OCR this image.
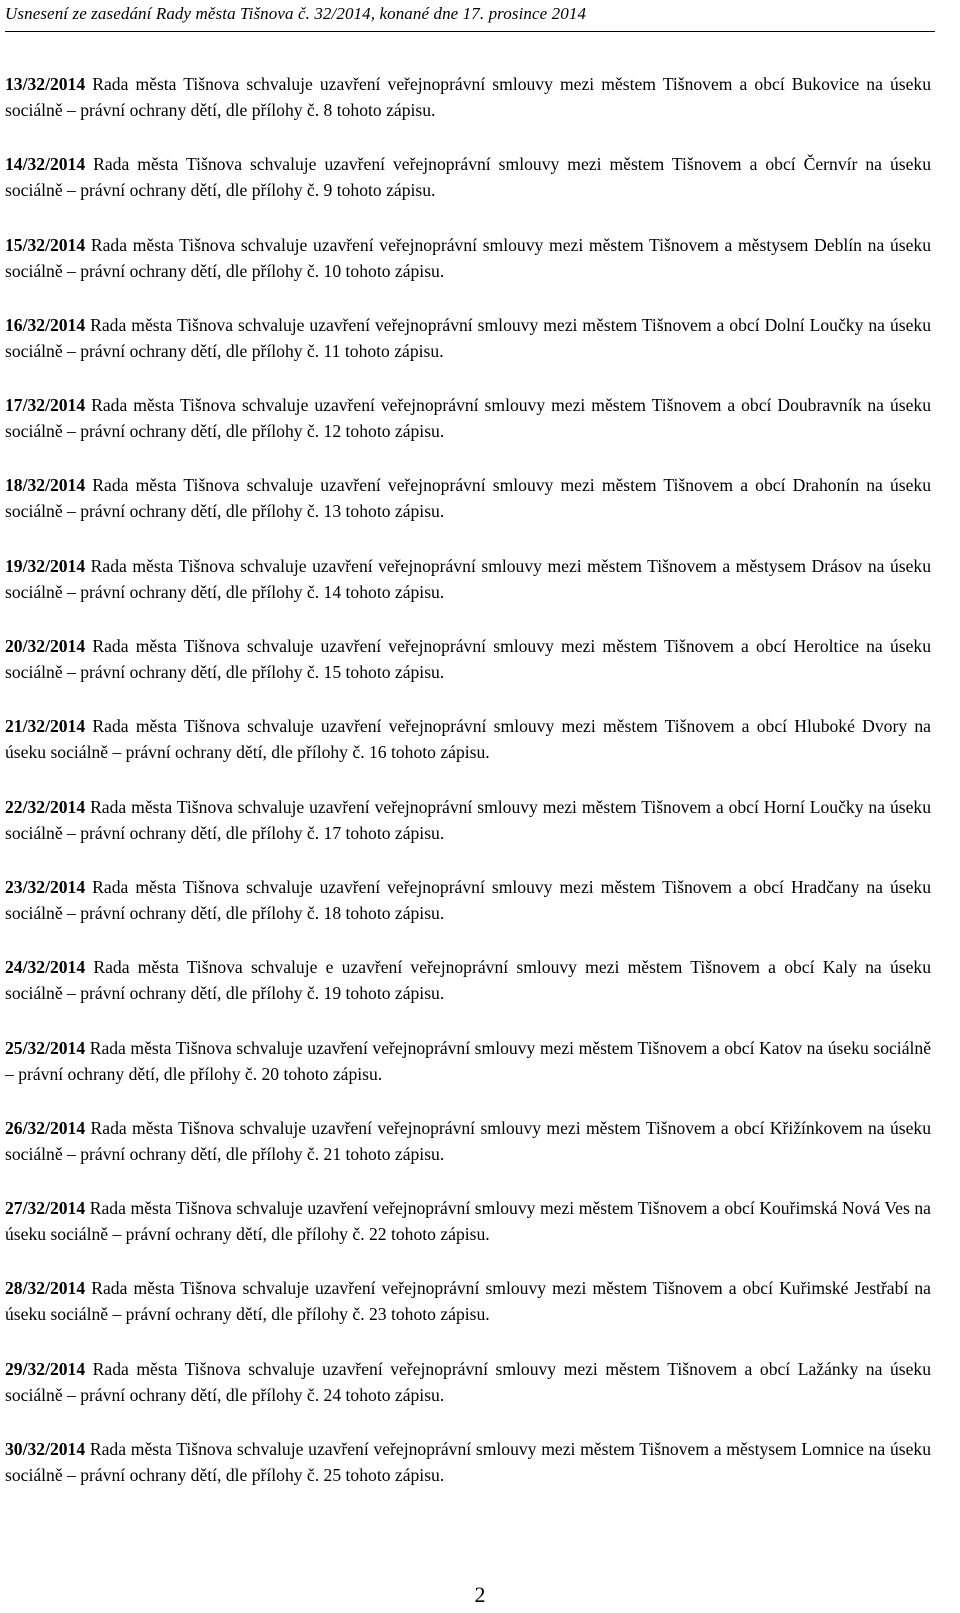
Usnesení ze zasedání Rady města Tišnova č. 32/2014, konané dne 17. prosince 2014
13/32/2014 Rada města Tišnova schvaluje uzavření veřejnoprávní smlouvy mezi městem Tišnovem a obcí Bukovice na úseku sociálně – právní ochrany dětí, dle přílohy č. 8 tohoto zápisu.
14/32/2014 Rada města Tišnova schvaluje uzavření veřejnoprávní smlouvy mezi městem Tišnovem a obcí Černvír na úseku sociálně – právní ochrany dětí, dle přílohy č. 9 tohoto zápisu.
15/32/2014 Rada města Tišnova schvaluje uzavření veřejnoprávní smlouvy mezi městem Tišnovem a městysem Deblín na úseku sociálně – právní ochrany dětí, dle přílohy č. 10 tohoto zápisu.
16/32/2014 Rada města Tišnova schvaluje uzavření veřejnoprávní smlouvy mezi městem Tišnovem a obcí Dolní Loučky na úseku sociálně – právní ochrany dětí, dle přílohy č. 11 tohoto zápisu.
17/32/2014 Rada města Tišnova schvaluje uzavření veřejnoprávní smlouvy mezi městem Tišnovem a obcí Doubravník na úseku sociálně – právní ochrany dětí, dle přílohy č. 12 tohoto zápisu.
18/32/2014 Rada města Tišnova schvaluje uzavření veřejnoprávní smlouvy mezi městem Tišnovem a obcí Drahonín na úseku sociálně – právní ochrany dětí, dle přílohy č. 13 tohoto zápisu.
19/32/2014 Rada města Tišnova schvaluje uzavření veřejnoprávní smlouvy mezi městem Tišnovem a městysem Drásov na úseku sociálně – právní ochrany dětí, dle přílohy č. 14 tohoto zápisu.
20/32/2014 Rada města Tišnova schvaluje uzavření veřejnoprávní smlouvy mezi městem Tišnovem a obcí Heroltice na úseku sociálně – právní ochrany dětí, dle přílohy č. 15 tohoto zápisu.
21/32/2014 Rada města Tišnova schvaluje uzavření veřejnoprávní smlouvy mezi městem Tišnovem a obcí Hluboké Dvory na úseku sociálně – právní ochrany dětí, dle přílohy č. 16 tohoto zápisu.
22/32/2014 Rada města Tišnova schvaluje uzavření veřejnoprávní smlouvy mezi městem Tišnovem a obcí Horní Loučky na úseku sociálně – právní ochrany dětí, dle přílohy č. 17 tohoto zápisu.
23/32/2014 Rada města Tišnova schvaluje uzavření veřejnoprávní smlouvy mezi městem Tišnovem a obcí Hradčany na úseku sociálně – právní ochrany dětí, dle přílohy č. 18 tohoto zápisu.
24/32/2014 Rada města Tišnova schvaluje e uzavření veřejnoprávní smlouvy mezi městem Tišnovem a obcí Kaly na úseku sociálně – právní ochrany dětí, dle přílohy č. 19 tohoto zápisu.
25/32/2014 Rada města Tišnova schvaluje uzavření veřejnoprávní smlouvy mezi městem Tišnovem a obcí Katov na úseku sociálně – právní ochrany dětí, dle přílohy č. 20 tohoto zápisu.
26/32/2014 Rada města Tišnova schvaluje uzavření veřejnoprávní smlouvy mezi městem Tišnovem a obcí Křižínkovem na úseku sociálně – právní ochrany dětí, dle přílohy č. 21 tohoto zápisu.
27/32/2014 Rada města Tišnova schvaluje uzavření veřejnoprávní smlouvy mezi městem Tišnovem a obcí Kouřimská Nová Ves na úseku sociálně – právní ochrany dětí, dle přílohy č. 22 tohoto zápisu.
28/32/2014 Rada města Tišnova schvaluje uzavření veřejnoprávní smlouvy mezi městem Tišnovem a obcí Kuřimské Jestřabí na úseku sociálně – právní ochrany dětí, dle přílohy č. 23 tohoto zápisu.
29/32/2014 Rada města Tišnova schvaluje uzavření veřejnoprávní smlouvy mezi městem Tišnovem a obcí Lažánky na úseku sociálně – právní ochrany dětí, dle přílohy č. 24 tohoto zápisu.
30/32/2014 Rada města Tišnova schvaluje uzavření veřejnoprávní smlouvy mezi městem Tišnovem a městysem Lomnice na úseku sociálně – právní ochrany dětí, dle přílohy č. 25 tohoto zápisu.
2
